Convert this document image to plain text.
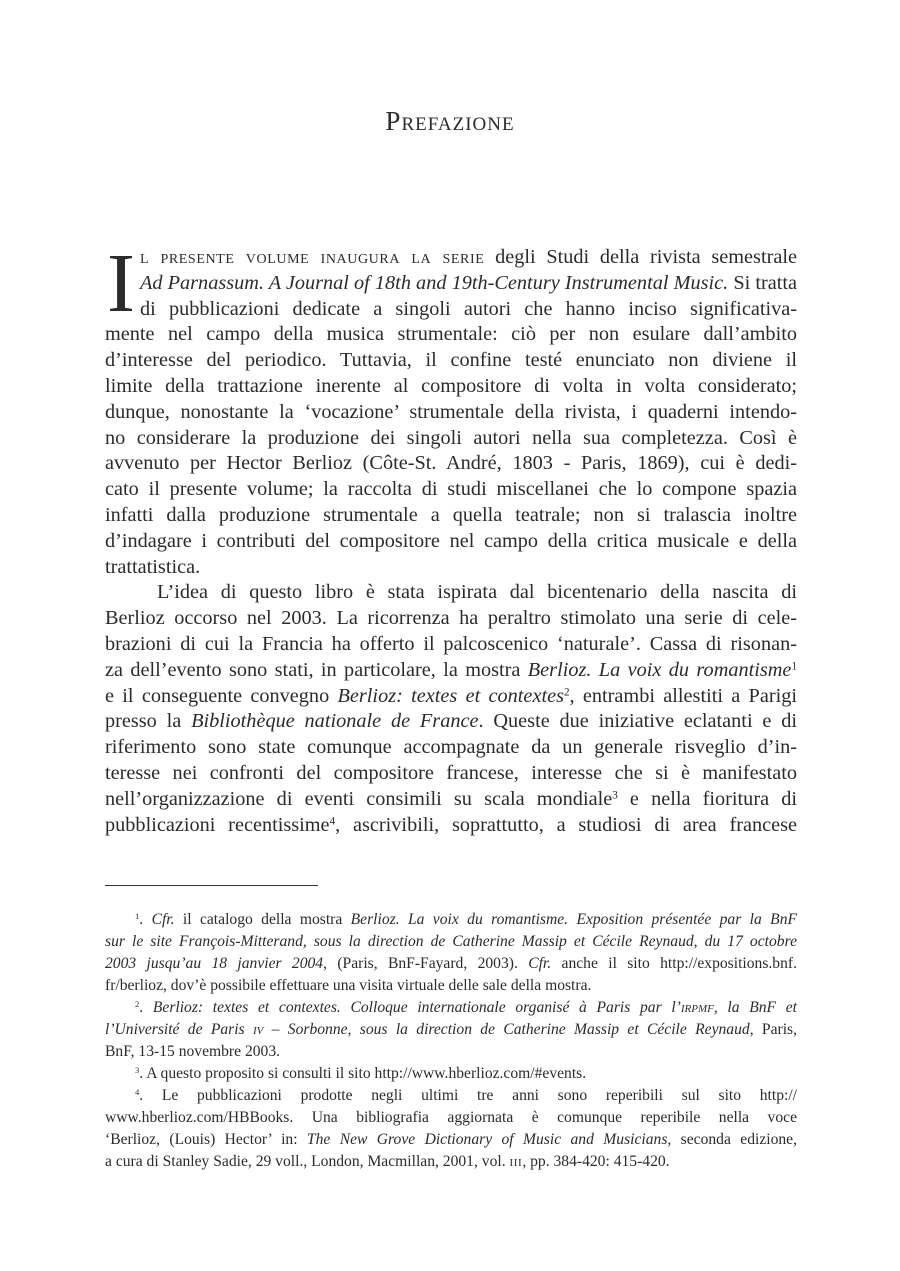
Prefazione
I l presente volume inaugura la serie degli Studi della rivista semestrale
Ad Parnassum. A Journal of 18th and 19th-Century Instrumental Music. Si tratta
di pubblicazioni dedicate a singoli autori che hanno inciso significativa-
mente nel campo della musica strumentale: ciò per non esulare dall’ambito
d’interesse del periodico. Tuttavia, il confine testé enunciato non diviene il
limite della trattazione inerente al compositore di volta in volta considerato;
dunque, nonostante la ‘vocazione’ strumentale della rivista, i quaderni intendo-
no considerare la produzione dei singoli autori nella sua completezza. Così è
avvenuto per Hector Berlioz (Côte-St. André, 1803 - Paris, 1869), cui è dedi-
cato il presente volume; la raccolta di studi miscellanei che lo compone spazia
infatti dalla produzione strumentale a quella teatrale; non si tralascia inoltre
d’indagare i contributi del compositore nel campo della critica musicale e della
trattatistica.
L’idea di questo libro è stata ispirata dal bicentenario della nascita di
Berlioz occorso nel 2003. La ricorrenza ha peraltro stimolato una serie di cele-
brazioni di cui la Francia ha offerto il palcoscenico ‘naturale’. Cassa di risonan-
za dell’evento sono stati, in particolare, la mostra Berlioz. La voix du romantisme$^1$
e il conseguente convegno Berlioz: textes et contextes$^2$, entrambi allestiti a Parigi
presso la Bibliothèque nationale de France. Queste due iniziative eclatanti e di
riferimento sono state comunque accompagnate da un generale risveglio d’in-
teresse nei confronti del compositore francese, interesse che si è manifestato
nell’organizzazione di eventi consimili su scala mondiale$^3$ e nella fioritura di
pubblicazioni recentissime$^4$, ascrivibili, soprattutto, a studiosi di area francese
$^1$. Cfr. il catalogo della mostra Berlioz. La voix du romantisme. Exposition présentée par la BnF
sur le site François-Mitterand, sous la direction de Catherine Massip et Cécile Reynaud, du 17 octobre
2003 jusqu’au 18 janvier 2004, (Paris, BnF-Fayard, 2003). Cfr. anche il sito http://expositions.bnf.
fr/berlioz, dov’è possibile effettuare una visita virtuale delle sale della mostra.
$^2$. Berlioz: textes et contextes. Colloque internationale organisé à Paris par l’irpmf, la BnF et
l’Université de Paris iv – Sorbonne, sous la direction de Catherine Massip et Cécile Reynaud, Paris,
BnF, 13-15 novembre 2003.
$^3$. A questo proposito si consulti il sito http://www.hberlioz.com/#events.
$^4$. Le pubblicazioni prodotte negli ultimi tre anni sono reperibili sul sito http://
www.hberlioz.com/HBBooks. Una bibliografia aggiornata è comunque reperibile nella voce
‘Berlioz, (Louis) Hector’ in: The New Grove Dictionary of Music and Musicians, seconda edizione,
a cura di Stanley Sadie, 29 voll., London, Macmillan, 2001, vol. iii, pp. 384-420: 415-420.
